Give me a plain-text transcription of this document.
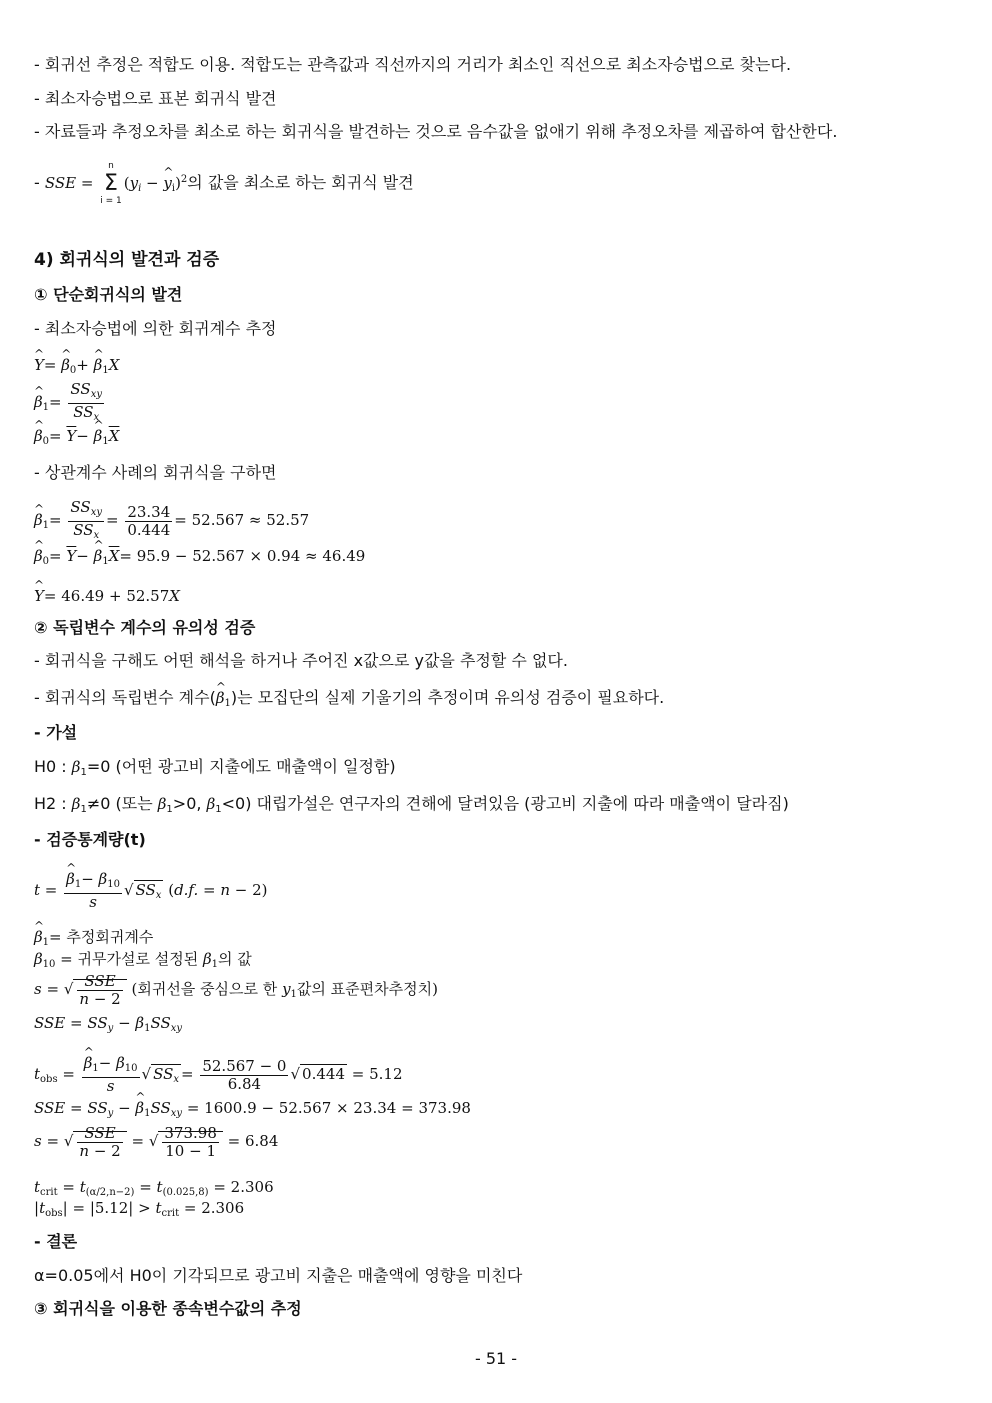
- 회귀선 추정은 적합도 이용. 적합도는 관측값과 직선까지의 거리가 최소인 직선으로 최소자승법으로 찾는다.
- 최소자승법으로 표본 회귀식 발견
- 자료들과 추정오차를 최소로 하는 회귀식을 발견하는 것으로 음수값을 없애기 위해 추정오차를 제곱하여 합산한다.
- SSE =
n
Σ
i = 1
($y_i$ − ^ $y_i)^2$의 값을 최소로 하는 회귀식 발견
4) 회귀식의 발견과 검증
① 단순회귀식의 발견
- 최소자승법에 의한 회귀계수 추정
^ Y= ^ $\beta_0+$ ^ $\beta_1X$
^ $\beta_1= \frac{SS_{xy}}{SS_x}$
^ $\beta_0= \overline{Y}-$ ^ $\beta_1\overline{X}$
- 상관계수 사례의 회귀식을 구하면
^ $\beta_1= \frac{SS_{xy}}{SS_x} = \frac{23.34}{0.444} = 52.567 \approx 52.57$
^ $\beta_0= \overline{Y}-$ ^ $\beta_1\overline{X}= 95.9 - 52.567 \times 0.94 \approx 46.49$
^ Y= 46.49 + 52.57X
② 독립변수 계수의 유의성 검증
- 회귀식을 구해도 어떤 해석을 하거나 주어진 x값으로 y값을 추정할 수 없다.
- 회귀식의 독립변수 계수(^ $\beta_1$)는 모집단의 실제 기울기의 추정이며 유의성 검증이 필요하다.
- 가설
H0 : $\beta_1=0$ (어떤 광고비 지출에도 매출액이 일정함)
H2 : $\beta_1\ne 0$ (또는 $\beta_1>0$, $\beta_1<0$) 대립가설은 연구자의 견해에 달려있음 (광고비 지출에 따라 매출액이 달라짐)
- 검증통계량(t)
t = ^ $\frac{\beta_1- \beta_{10}}{s}$ √ $SS_x$ (d.f. = n − 2)
^ $\beta_1=$ 추정회귀계수
$\beta_{10}$ = 귀무가설로 설정된 $\beta_1$의 값
s = √ $\frac{\text{SSE}}{n - 2}$ (회귀선을 중심으로 한 $y_1$값의 표준편차추정치)
SSE = $SS_y - \beta_1SS_{xy}$
$t_{obs}$ = ^ $\frac{\beta_1- \beta_{10}}{s}$ √ $SS_x = \frac{52.567 - 0}{6.84}$ √ 0.444 = 5.12
SSE = $SS_y$ − ^ $\beta_1SS_{xy} = 1600.9 - 52.567 \times 23.34 = 373.98$
s = √ $\frac{\text{SSE}}{n - 2}$ = √ $\frac{373.98}{10 - 1} = 6.84$
$t_{crit} = t_{(\alpha/2,n-2)} = t_{(0.025,8)} = 2.306$
$|t_{obs}| = |5.12| > t_{crit} = 2.306$
- 결론
α=0.05에서 H0이 기각되므로 광고비 지출은 매출액에 영향을 미친다
③ 회귀식을 이용한 종속변수값의 추정
- 51 -
